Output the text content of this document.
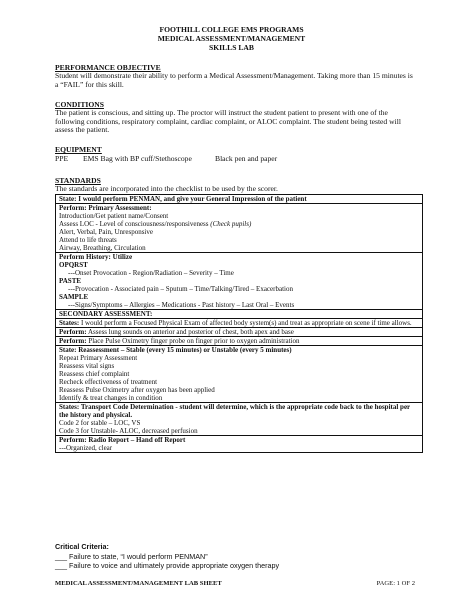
FOOTHILL COLLEGE EMS PROGRAMS
MEDICAL ASSESSMENT/MANAGEMENT
SKILLS LAB
PERFORMANCE OBJECTIVE
Student will demonstrate their ability to perform a Medical Assessment/Management. Taking more than 15 minutes is a “FAIL” for this skill.
CONDITIONS
The patient is conscious, and sitting up. The proctor will instruct the student patient to present with one of the following conditions, respiratory complaint, cardiac complaint, or ALOC complaint. The student being tested will assess the patient.
EQUIPMENT
PPE EMS Bag with BP cuff/Stethoscope	Black pen and paper
STANDARDS
The standards are incorporated into the checklist to be used by the scorer.
State: I would perform PENMAN, and give your General Impression of the patient
Perform: Primary Assessment:
Introduction/Get patient name/Consent
Assess LOC - Level of consciousness/responsiveness (Check pupils)
Alert, Verbal, Pain, Unresponsive
Attend to life threats
Airway, Breathing, Circulation
Perform History: Utilize
OPQRST
---Onset Provocation - Region/Radiation – Severity – Time
PASTE
---Provocation - Associated pain – Sputum – Time/Talking/Tired – Exacerbation
SAMPLE
---Signs/Symptoms – Allergies – Medications - Past history – Last Oral – Events
SECONDARY ASSESSMENT:
States: I would perform a Focused Physical Exam of affected body system(s) and treat as appropriate on scene if time allows.
Perform: Assess lung sounds on anterior and posterior of chest, both apex and base
Perform: Place Pulse Oximetry finger probe on finger prior to oxygen administration
State: Reassessment – Stable (every 15 minutes) or Unstable (every 5 minutes)
Repeat Primary Assessment
Reassess vital signs
Reassess chief complaint
Recheck effectiveness of treatment
Reassess Pulse Oximetry after oxygen has been applied
Identify & treat changes in condition
States: Transport Code Determination - student will determine, which is the appropriate code back to the hospital per the history and physical.
Code 2 for stable – LOC, VS
Code 3 for Unstable- ALOC, decreased perfusion
Perform: Radio Report – Hand off Report
---Organized, clear
Critical Criteria:
___ Failure to state, “I would perform PENMAN”
___ Failure to voice and ultimately provide appropriate oxygen therapy
MEDICAL ASSESSMENT/MANAGEMENT LAB SHEET	PAGE: 1 OF 2
